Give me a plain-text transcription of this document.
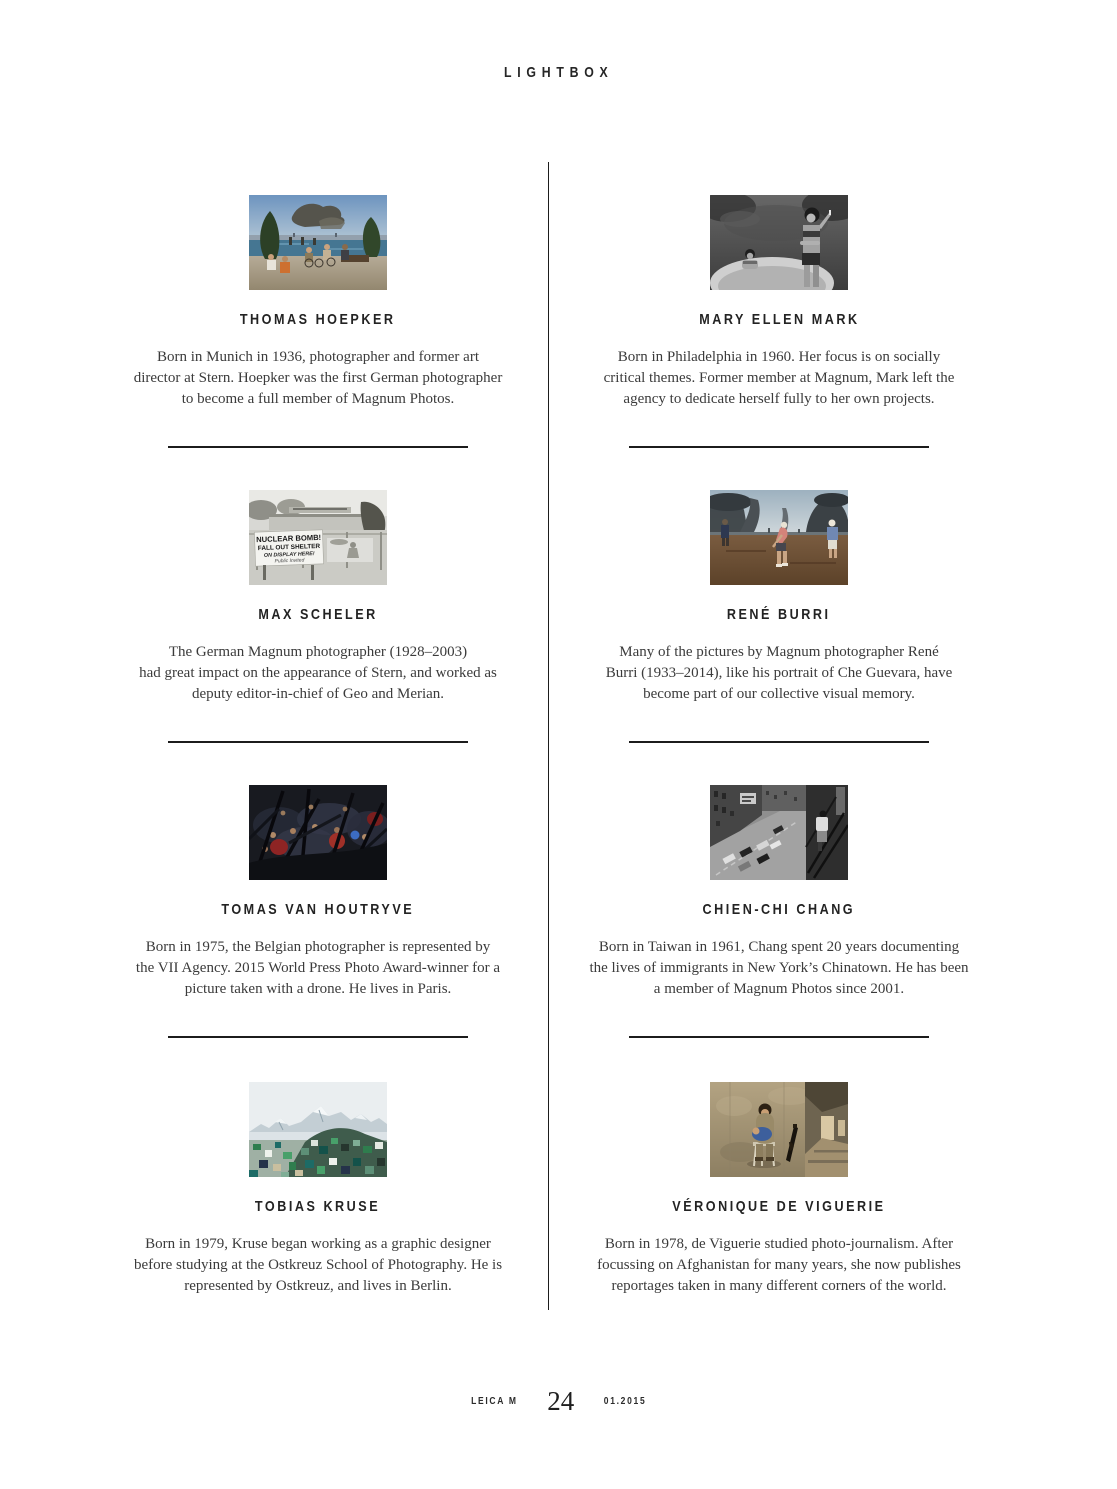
LIGHTBOX
THOMAS HOEPKER

Born in Munich in 1936, photographer and former art
director at Stern. Hoepker was the first German photographer
to become a full member of Magnum Photos.

MARY ELLEN MARK

Born in Philadelphia in 1960. Her focus is on socially
critical themes. Former member at Magnum, Mark left the
agency to dedicate herself fully to her own projects.

NUCLEAR BOMB!
FALL OUT SHELTER
ON DISPLAY HERE!
Public Invited
MAX SCHELER

The German Magnum photographer (1928–2003)
had great impact on the appearance of Stern, and worked as
deputy editor-in-chief of Geo and Merian.

RENÉ BURRI

Many of the pictures by Magnum photographer René
Burri (1933–2014), like his portrait of Che Guevara, have
become part of our collective visual memory.

TOMAS VAN HOUTRYVE

Born in 1975, the Belgian photographer is represented by
the VII Agency. 2015 World Press Photo Award-winner for a
picture taken with a drone. He lives in Paris.

CHIEN-CHI CHANG

Born in Taiwan in 1961, Chang spent 20 years documenting
the lives of immigrants in New York’s Chinatown. He has been
a member of Magnum Photos since 2001.

TOBIAS KRUSE

Born in 1979, Kruse began working as a graphic designer
before studying at the Ostkreuz School of Photography. He is
represented by Ostkreuz, and lives in Berlin.

VÉRONIQUE DE VIGUERIE

Born in 1978, de Viguerie studied photo-journalism. After
focussing on Afghanistan for many years, she now publishes
reportages taken in many different corners of the world.

LEICA M 24	01.2015
